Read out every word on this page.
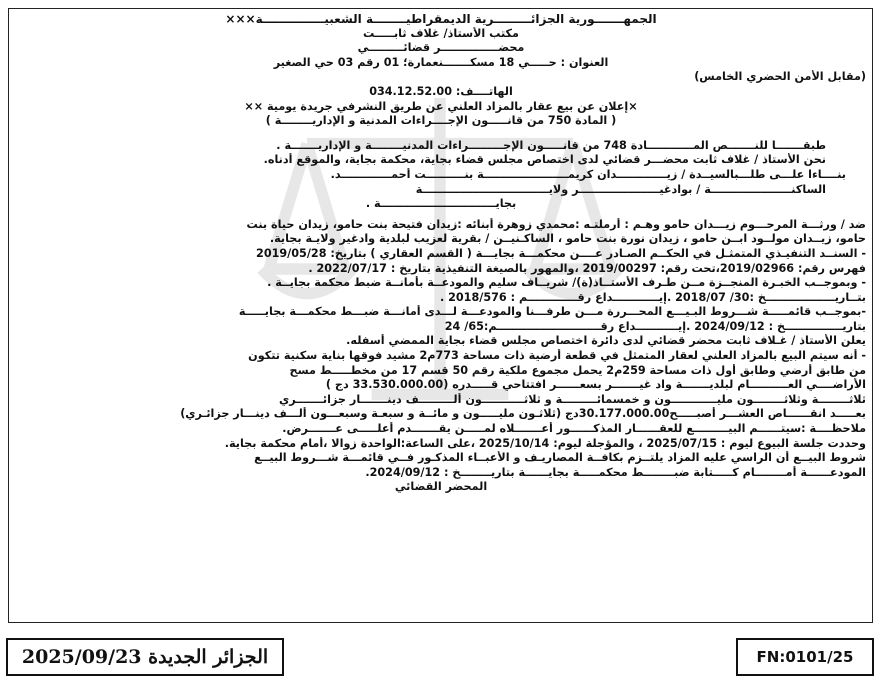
الجمهـــــــورية الجزائـــــــــرية الديمقراطيــــــــة الشعبيـــــــــــــــة×××
مكتب الأستاذ/ غلاف ثابـــــت
محضـــــــــــــــر قضائـــــــــي
العنوان : حـــــي 18 مسكـــــــنعمارة؛ 01 رقم 03 حي الصغير
(مقابل الأمن الحضري الخامس)
الهاتــــف: 034.12.52.00
×إعلان عن بيع عقار بالمزاد العلني عن طريق النشرفي جريدة يومية ××
( المادة 750 من قانـــــون الإجــــراءات المدنية و الإداريــــــــة )
طبقـــــــا للنـــــــص المــــــــــــادة 748 من قانـــــون الإجـــــــــراءات المدنيــــــــة و الإداريـــــــة .
نحن الأستاذ / غلاف ثابت محضـــر قضائي لدى اختصاص مجلس قضاء بجاية، محكمة بجاية، والموقع أدناه.
بنــــاءا علـــى طلـــبالسيــدة / زيـــــــــــــدان كريمــــــــــــــــــــــة بنــــــــــت أحمـــــــــــــد.
الساكنـــــــــــــــــــــة / بوادغيـــــــــــــــــــــر ولايـــــــــــــــــــــــــــــــــة
بجايــــــــــــــــــــــــــــــة .
ضد / ورثـــة المرحـــوم زيـــدان حامو وهـم : أرملتـه :محمدي زوهرة أبنائه :زيدان فتيحة بنت حامو، زيدان حياة بنت
حامو، زيــدان مولــود ابــن حامو ، زيدان نورة بنت حامو ، الساكـنيــن / بقرية لعزيب لبلدية وادغير ولايـة بجاية.
- السنــد التنفيـذي المتمثـل في الحكــم الصـادر عــــن محكمـــة بجايـــة ( القسم العقاري ) بتاريخ: 2019/05/28
فهرس رقم: 2019/02966،تحت رقم: 2019/00297 ،والمهور بالصيغة التنفيذية بتاريخ : 2022/07/17 .
- وبموجــب الخبـرة المنجــزة مــن طـرف الأستــاذ(ة)/ شريــاف سليم والمودعــة بأمانــة ضبط محكمة بجايــة .
بتــاريــــــــــــــــــخ :30/ 2018/07 .إيــــــــــــداع رقـــــــــــــم : 2018/576 .
-بموجــب قائمـــــة شـــروط البـيـــع المحـــررة مـــن طرفـــنا والمودعـــة لـــدى أمانـــة ضبـــط محكمـــة بجايـــــة
بتاريـــــــــــــــخ : 2024/09/12 .إيـــــــــــداع رقـــــــــــــــــــــــــــم:65/ 24
يعلن الأستاذ / غـلاف ثابت محضر قضائي لدى دائرة اختصاص مجلس قضاء بجاية الممضي أسفله.
- أنه سيتم البيع بالمزاد العلني لعقار المتمثل في قطعة أرضية ذات مساحة 773م2 مشيد فوقها بناية سكنية تتكون
من طابق أرضي وطابق أول ذات مساحة 259م2 يحمل مجموع ملكية رقم 50 قسم 17 من مخطـــــط مسح
الأراضــــي العــــــــــام لبلديـــــــة واد غيـــــــر بسعــــــر افتتاحي قـــــدره (33.530.000.00 دج )
ثلاثــــــــة وثلاثــــــــون مليــــــــــــون و خمسمائـــــــــة و ثلاثـــــــــــون ألـــــــــف دينـــــــار جزائـــــــري
بعـــــد انقــــــاص العشـــر أصبـــــح30.177.000.00دج (ثلاثـون مليـــــون و مائــة و سبعـة وسبعـــون ألـــف دينـــار جزائـري)
ملاحظــــة :سيتــــــم البيـــــــــع للعقــــــار المذكــــــور أعـــــــلاه لمـــــن يقـــــــدم أعلـــــى عـــــــرض.
وحددت جلسة البيوع ليوم : 2025/07/15 ، والمؤجلة ليوم: 2025/10/14 ،على الساعة:الواحدة زوالا ،أمام محكمة بجاية.
شروط البيــع أن الراسي عليه المزاد يلتــزم بكافــة المصاريـف و الأعبــاء المذكـور فــي قائمـــة شـــروط البيــع
المودعــــــة أمــــــــام كـــــتابة ضبــــــــط محكمـــــة بجايــــــة بتاريــــــــخ : 2024/09/12.
المحضر القضائي
الجزائر الجديدة 2025/09/23	FN:0101/25
